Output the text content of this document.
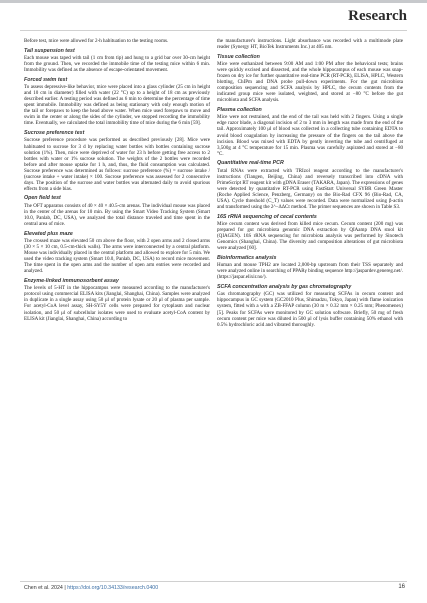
Research

Before test, mice were allowed for 2-h habituation to the testing rooms.

Tail suspension test

Each mouse was taped with tail (1 cm from tip) and hung to a grid bar over 30-cm height from the ground. Then, we recorded the immobile time of the testing mice within 6 min. Immobility was defined as the absence of escape-orientated movement.

Forced swim test

To assess depressive-like behavior, mice were placed into a glass cylinder (25 cm in height and 10 cm in diameter) filled with water (22 °C) up to a height of 18 cm as previously described earlier. A testing period was defined as 6 min to determine the percentage of time spent immobile. Immobility was defined as being stationary with only enough motion of the tail or forepaws to keep the head above water. When mice used forepaws to move and swim in the center or along the sides of the cylinder, we stopped recording the immobility time. Eventually, we calculated the total immobility time of mice during the 6 min [59].

Sucrose preference test

Sucrose preference procedure was performed as described previously [28]. Mice were habituated to sucrose for 3 d by replacing water bottles with bottles containing sucrose solution (1%). Then, mice were deprived of water for 23 h before getting free access to 2 bottles with water or 1% sucrose solution. The weights of the 2 bottles were recorded before and after mouse uptake for 1 h, and, thus, the fluid consumption was calculated. Sucrose preference was determined as follows: sucrose preference (%) = sucrose intake / (sucrose intake + water intake) × 100. Sucrose preference was assessed for 2 consecutive days. The position of the sucrose and water bottles was alternated daily to avoid spurious effects from a side bias.

Open field test

The OFT apparatus consists of 40 × 40 × 40.5-cm arenas. The individual mouse was placed in the center of the arenas for 10 min. By using the Smart Video Tracking System (Smart 10.0, Panlab, DC, USA), we analyzed the total distance traveled and time spent in the central area of mice.

Elevated plus maze

The crossed maze was elevated 50 cm above the floor, with 2 open arms and 2 closed arms (30 × 5 × 10 cm, 0.5-cm-thick walls). The arms were interconnected by a central platform. Mouse was individually placed in the central platform and allowed to explore for 5 min. We used the video tracking system (Smart 10.0, Panlab, DC, USA) to record mice movement. The time spent in the open arms and the number of open arm entries were recorded and analyzed.

Enzyme-linked immunosorbent assay

The levels of 5-HT in the hippocampus were measured according to the manufacturer's protocol using commercial ELISA kits (Jianglai, Shanghai, China). Samples were analyzed in duplicate in a single assay using 50 μl of protein lysate or 20 μl of plasma per sample. For acetyl-CoA level assay, SH-SY5Y cells were prepared for cytoplasm and nuclear isolation, and 50 μl of subcellular isolates were used to evaluate acetyl-CoA content by ELISA kit (Jianglai, Shanghai, China) according to

the manufacturer's instructions. Light absorbance was recorded with a multimode plate reader (Synergy HT, BioTek Instruments Inc.) at 405 nm.

Tissue collection

Mice were euthanized between 9:00 AM and 1:00 PM after the behavioral tests; brains were quickly excised and dissected, and the whole hippocampus of each mouse was snap-frozen on dry ice for further quantitative real-time PCR (RT-PCR), ELISA, HPLC, Western blotting, ChIPm and DNA probe pull-down experiments. For the gut microbiota composition sequencing and SCFA analysis by HPLC, the cecum contents from the indicated group mice were isolated, weighted, and stored at −80 °C before the gut microbiota and SCFA analysis.

Plasma collection

Mice were not restrained, and the end of the tail was held with 2 fingers. Using a single edge razor blade, a diagonal incision of 2 to 3 mm in length was made from the end of the tail. Approximately 100 μl of blood was collected in a collecting tube containing EDTA to avoid blood coagulation by increasing the pressure of the fingers on the tail above the incision. Blood was mixed with EDTA by gently inverting the tube and centrifuged at 3,500g at 4 °C temperature for 15 min. Plasma was carefully aspirated and stored at −80 °C.

Quantitative real-time PCR

Total RNAs were extracted with TRIzol reagent according to the manufacturer's instructions (Tiangen, Beijing, China) and reversely transcribed into cDNA with PrimeScript RT reagent kit with gDNA Eraser (TAKARA, Japan). The expressions of genes were detected by quantitative RT-PCR using FastStart Universal SYBR Green Master (Roche Applied Science, Penzberg, Germany) on the Bio-Rad CFX 96 (Bio-Rad, CA, USA). Cycle threshold (C_T) values were recorded. Data were normalized using β-actin and transformed using the 2^−ΔΔCt method. The primer sequences are shown in Table S3.

16S rRNA sequencing of cecal contents

Mice cecum content was derived from killed mice cecum. Cecum content (200 mg) was prepared for gut microbiota genomic DNA extraction by QIAamp DNA stool kit (QIAGEN). 16S rRNA sequencing for microbiota analysis was performed by Sinotech Genomics (Shanghai, China). The diversity and composition alterations of gut microbiota were analyzed [60].

Bioinformatics analysis

Human and mouse TPH2 are located 2,000-bp upstream from their TSS separately and were analyzed online in searching of PPARγ binding sequence http://jaspardev.genereg.net/. (https://jaspar.elixir.no/).

SCFA concentration analysis by gas chromatography

Gas chromatography (GC) was utilized for measuring SCFAs in cecum content and hippocampus in GC system (GC2010 Plus, Shimadzu, Tokyo, Japan) with flame ionization system, fitted with a with a ZB-FFAP column (30 m × 0.32 mm × 0.25 mm; Phenomenex) [5]. Peaks for SCFAs were monitored by GC solution software. Briefly, 50 mg of fresh cecum content per mice was diluted in 500 μl of lysis buffer containing 50% ethanol with 0.5% hydrochloric acid and vibrated thoroughly.

Chen et al. 2024 | https://doi.org/10.34133/research.0400	16
